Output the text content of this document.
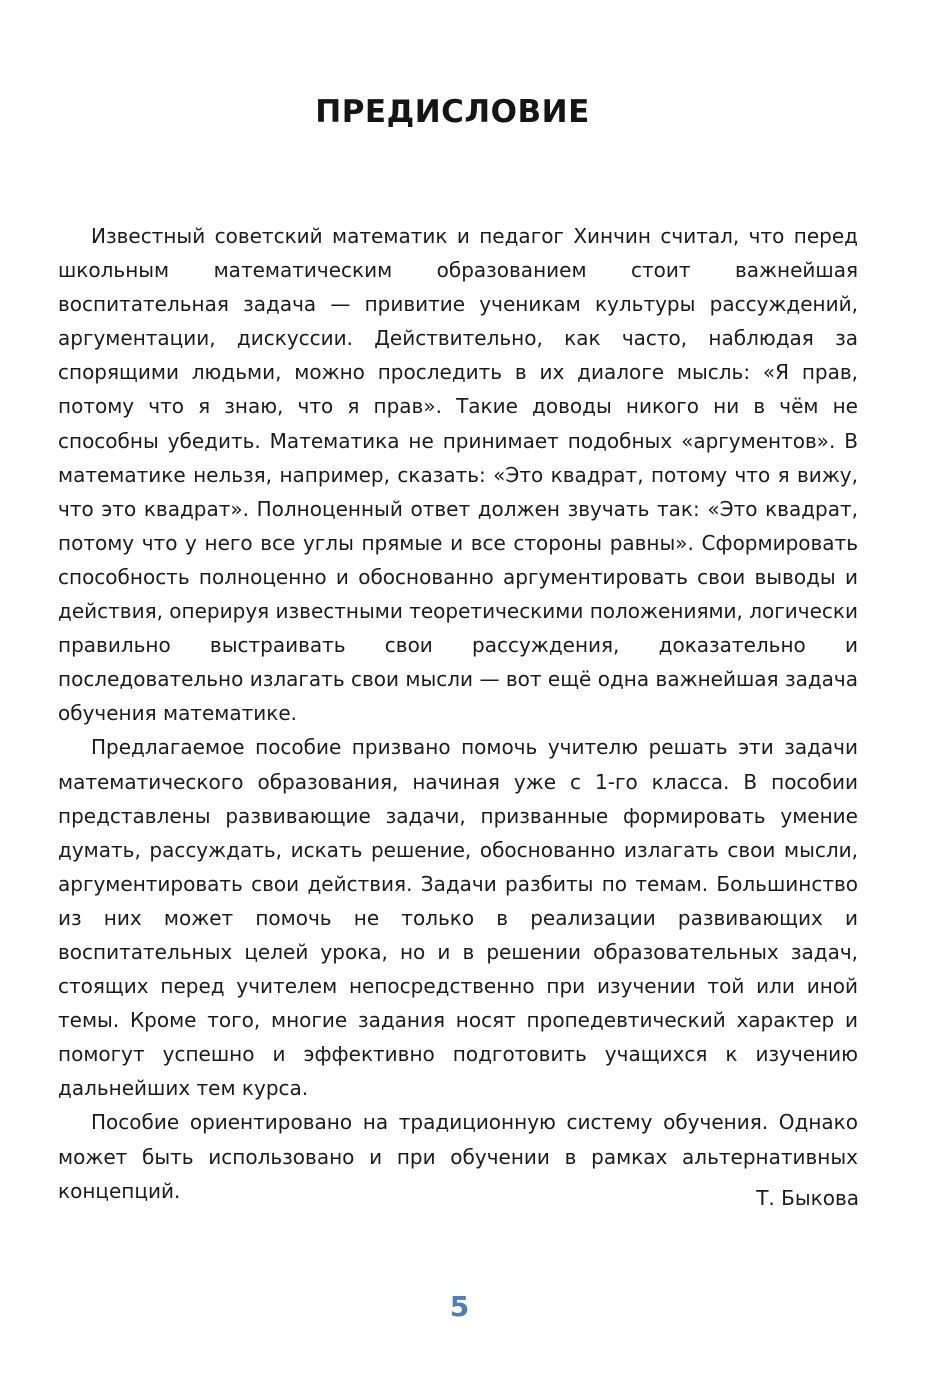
ПРЕДИСЛОВИЕ

Известный советский математик и педагог Хинчин считал, что перед школьным математическим образованием стоит важнейшая воспитательная задача — привитие ученикам культуры рассуждений, аргументации, дискуссии. Действительно, как часто, наблюдая за спорящими людьми, можно проследить в их диалоге мысль: «Я прав, потому что я знаю, что я прав». Такие доводы никого ни в чём не способны убедить. Математика не принимает подобных «аргументов». В математике нельзя, например, сказать: «Это квадрат, потому что я вижу, что это квадрат». Полноценный ответ должен звучать так: «Это квадрат, потому что у него все углы прямые и все стороны равны». Сформировать способность полноценно и обоснованно аргументировать свои выводы и действия, оперируя известными теоретическими положениями, логически правильно выстраивать свои рассуждения, доказательно и последовательно излагать свои мысли — вот ещё одна важнейшая задача обучения математике.

Предлагаемое пособие призвано помочь учителю решать эти задачи математического образования, начиная уже с 1-го класса. В пособии представлены развивающие задачи, призванные формировать умение думать, рассуждать, искать решение, обоснованно излагать свои мысли, аргументировать свои действия. Задачи разбиты по темам. Большинство из них может помочь не только в реализации развивающих и воспитательных целей урока, но и в решении образовательных задач, стоящих перед учителем непосредственно при изучении той или иной темы. Кроме того, многие задания носят пропедевтический характер и помогут успешно и эффективно подготовить учащихся к изучению дальнейших тем курса.

Пособие ориентировано на традиционную систему обучения. Однако может быть использовано и при обучении в рамках альтернативных концепций.	Т. Быкова
5
